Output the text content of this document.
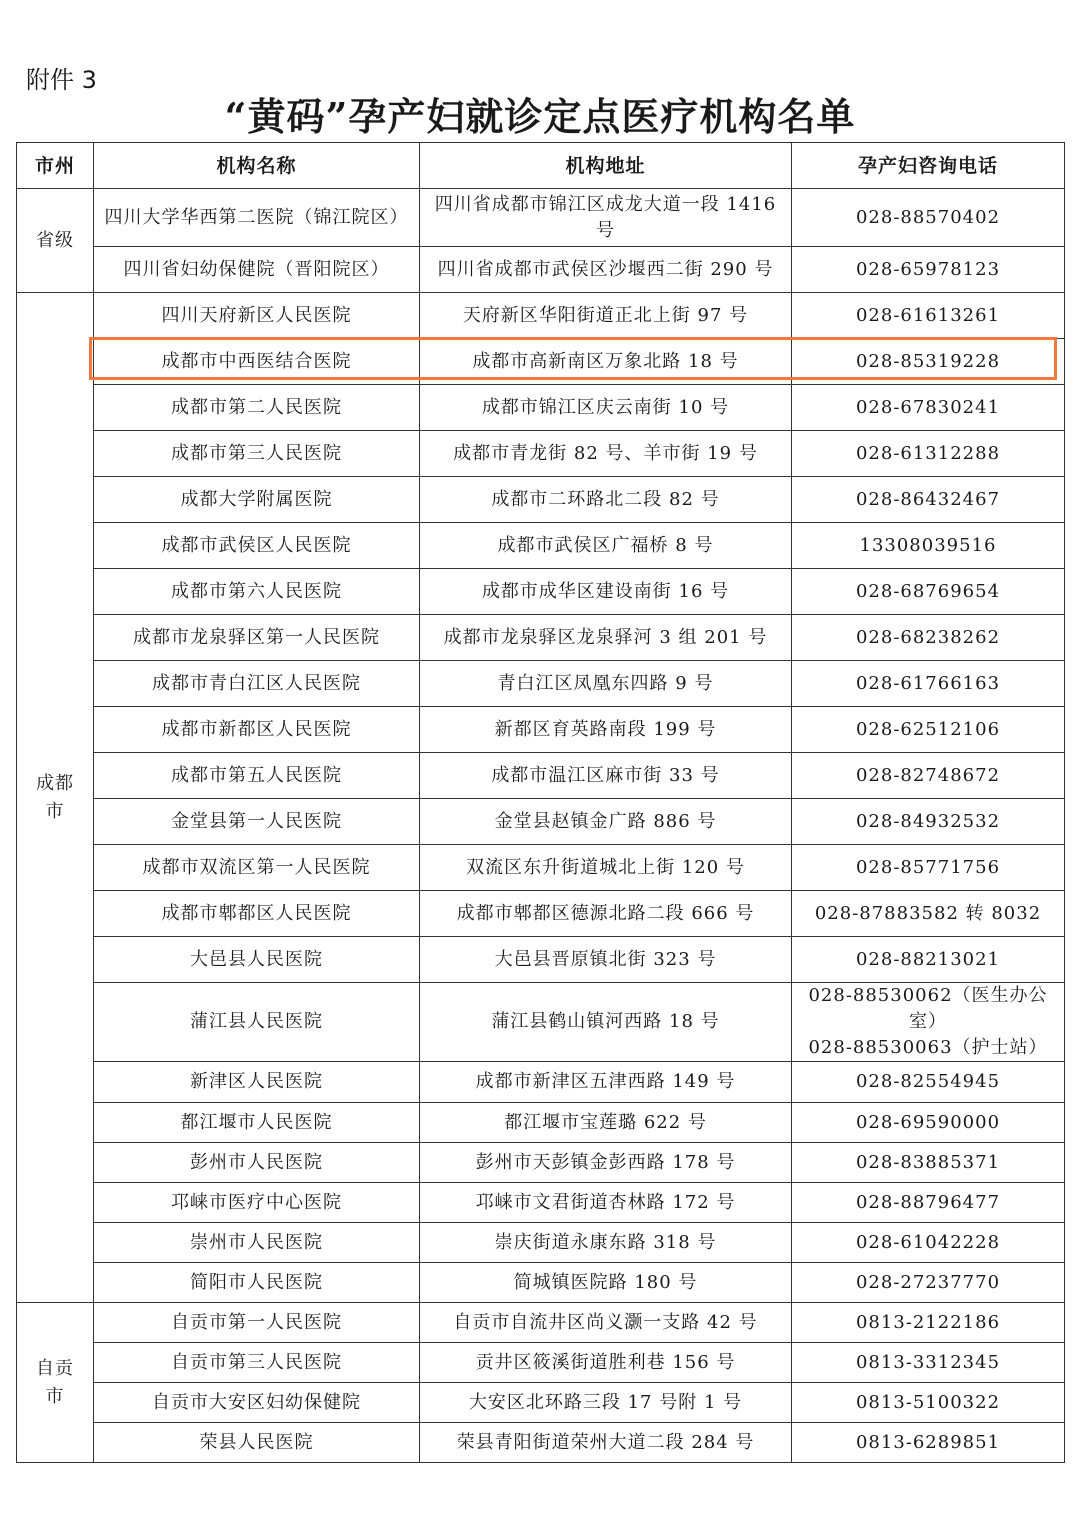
附件 3
“黄码”孕产妇就诊定点医疗机构名单
市州	机构名称	机构地址	孕产妇咨询电话
省级	四川大学华西第二医院（锦江院区）	四川省成都市锦江区成龙大道一段 1416 号	028-88570402
	四川省妇幼保健院（晋阳院区）	四川省成都市武侯区沙堰西二街 290 号	028-65978123
成都市	四川天府新区人民医院	天府新区华阳街道正北上街 97 号	028-61613261
	成都市中西医结合医院	成都市高新南区万象北路 18 号	028-85319228
	成都市第二人民医院	成都市锦江区庆云南街 10 号	028-67830241
	成都市第三人民医院	成都市青龙街 82 号、羊市街 19 号	028-61312288
	成都大学附属医院	成都市二环路北二段 82 号	028-86432467
	成都市武侯区人民医院	成都市武侯区广福桥 8 号	13308039516
	成都市第六人民医院	成都市成华区建设南街 16 号	028-68769654
	成都市龙泉驿区第一人民医院	成都市龙泉驿区龙泉驿河 3 组 201 号	028-68238262
	成都市青白江区人民医院	青白江区凤凰东四路 9 号	028-61766163
	成都市新都区人民医院	新都区育英路南段 199 号	028-62512106
	成都市第五人民医院	成都市温江区麻市街 33 号	028-82748672
	金堂县第一人民医院	金堂县赵镇金广路 886 号	028-84932532
	成都市双流区第一人民医院	双流区东升街道城北上街 120 号	028-85771756
	成都市郫都区人民医院	成都市郫都区德源北路二段 666 号	028-87883582 转 8032
	大邑县人民医院	大邑县晋原镇北街 323 号	028-88213021
	蒲江县人民医院	蒲江县鹤山镇河西路 18 号	028-88530062（医生办公室）
028-88530063（护士站）

	新津区人民医院	成都市新津区五津西路 149 号	028-82554945
	都江堰市人民医院	都江堰市宝莲璐 622 号	028-69590000
	彭州市人民医院	彭州市天彭镇金彭西路 178 号	028-83885371
	邛崃市医疗中心医院	邛崃市文君街道杏林路 172 号	028-88796477
	崇州市人民医院	崇庆街道永康东路 318 号	028-61042228
	简阳市人民医院	简城镇医院路 180 号	028-27237770
自贡市	自贡市第一人民医院	自贡市自流井区尚义灏一支路 42 号	0813-2122186
	自贡市第三人民医院	贡井区筱溪街道胜利巷 156 号	0813-3312345
	自贡市大安区妇幼保健院	大安区北环路三段 17 号附 1 号	0813-5100322
	荣县人民医院	荣县青阳街道荣州大道二段 284 号	0813-6289851
